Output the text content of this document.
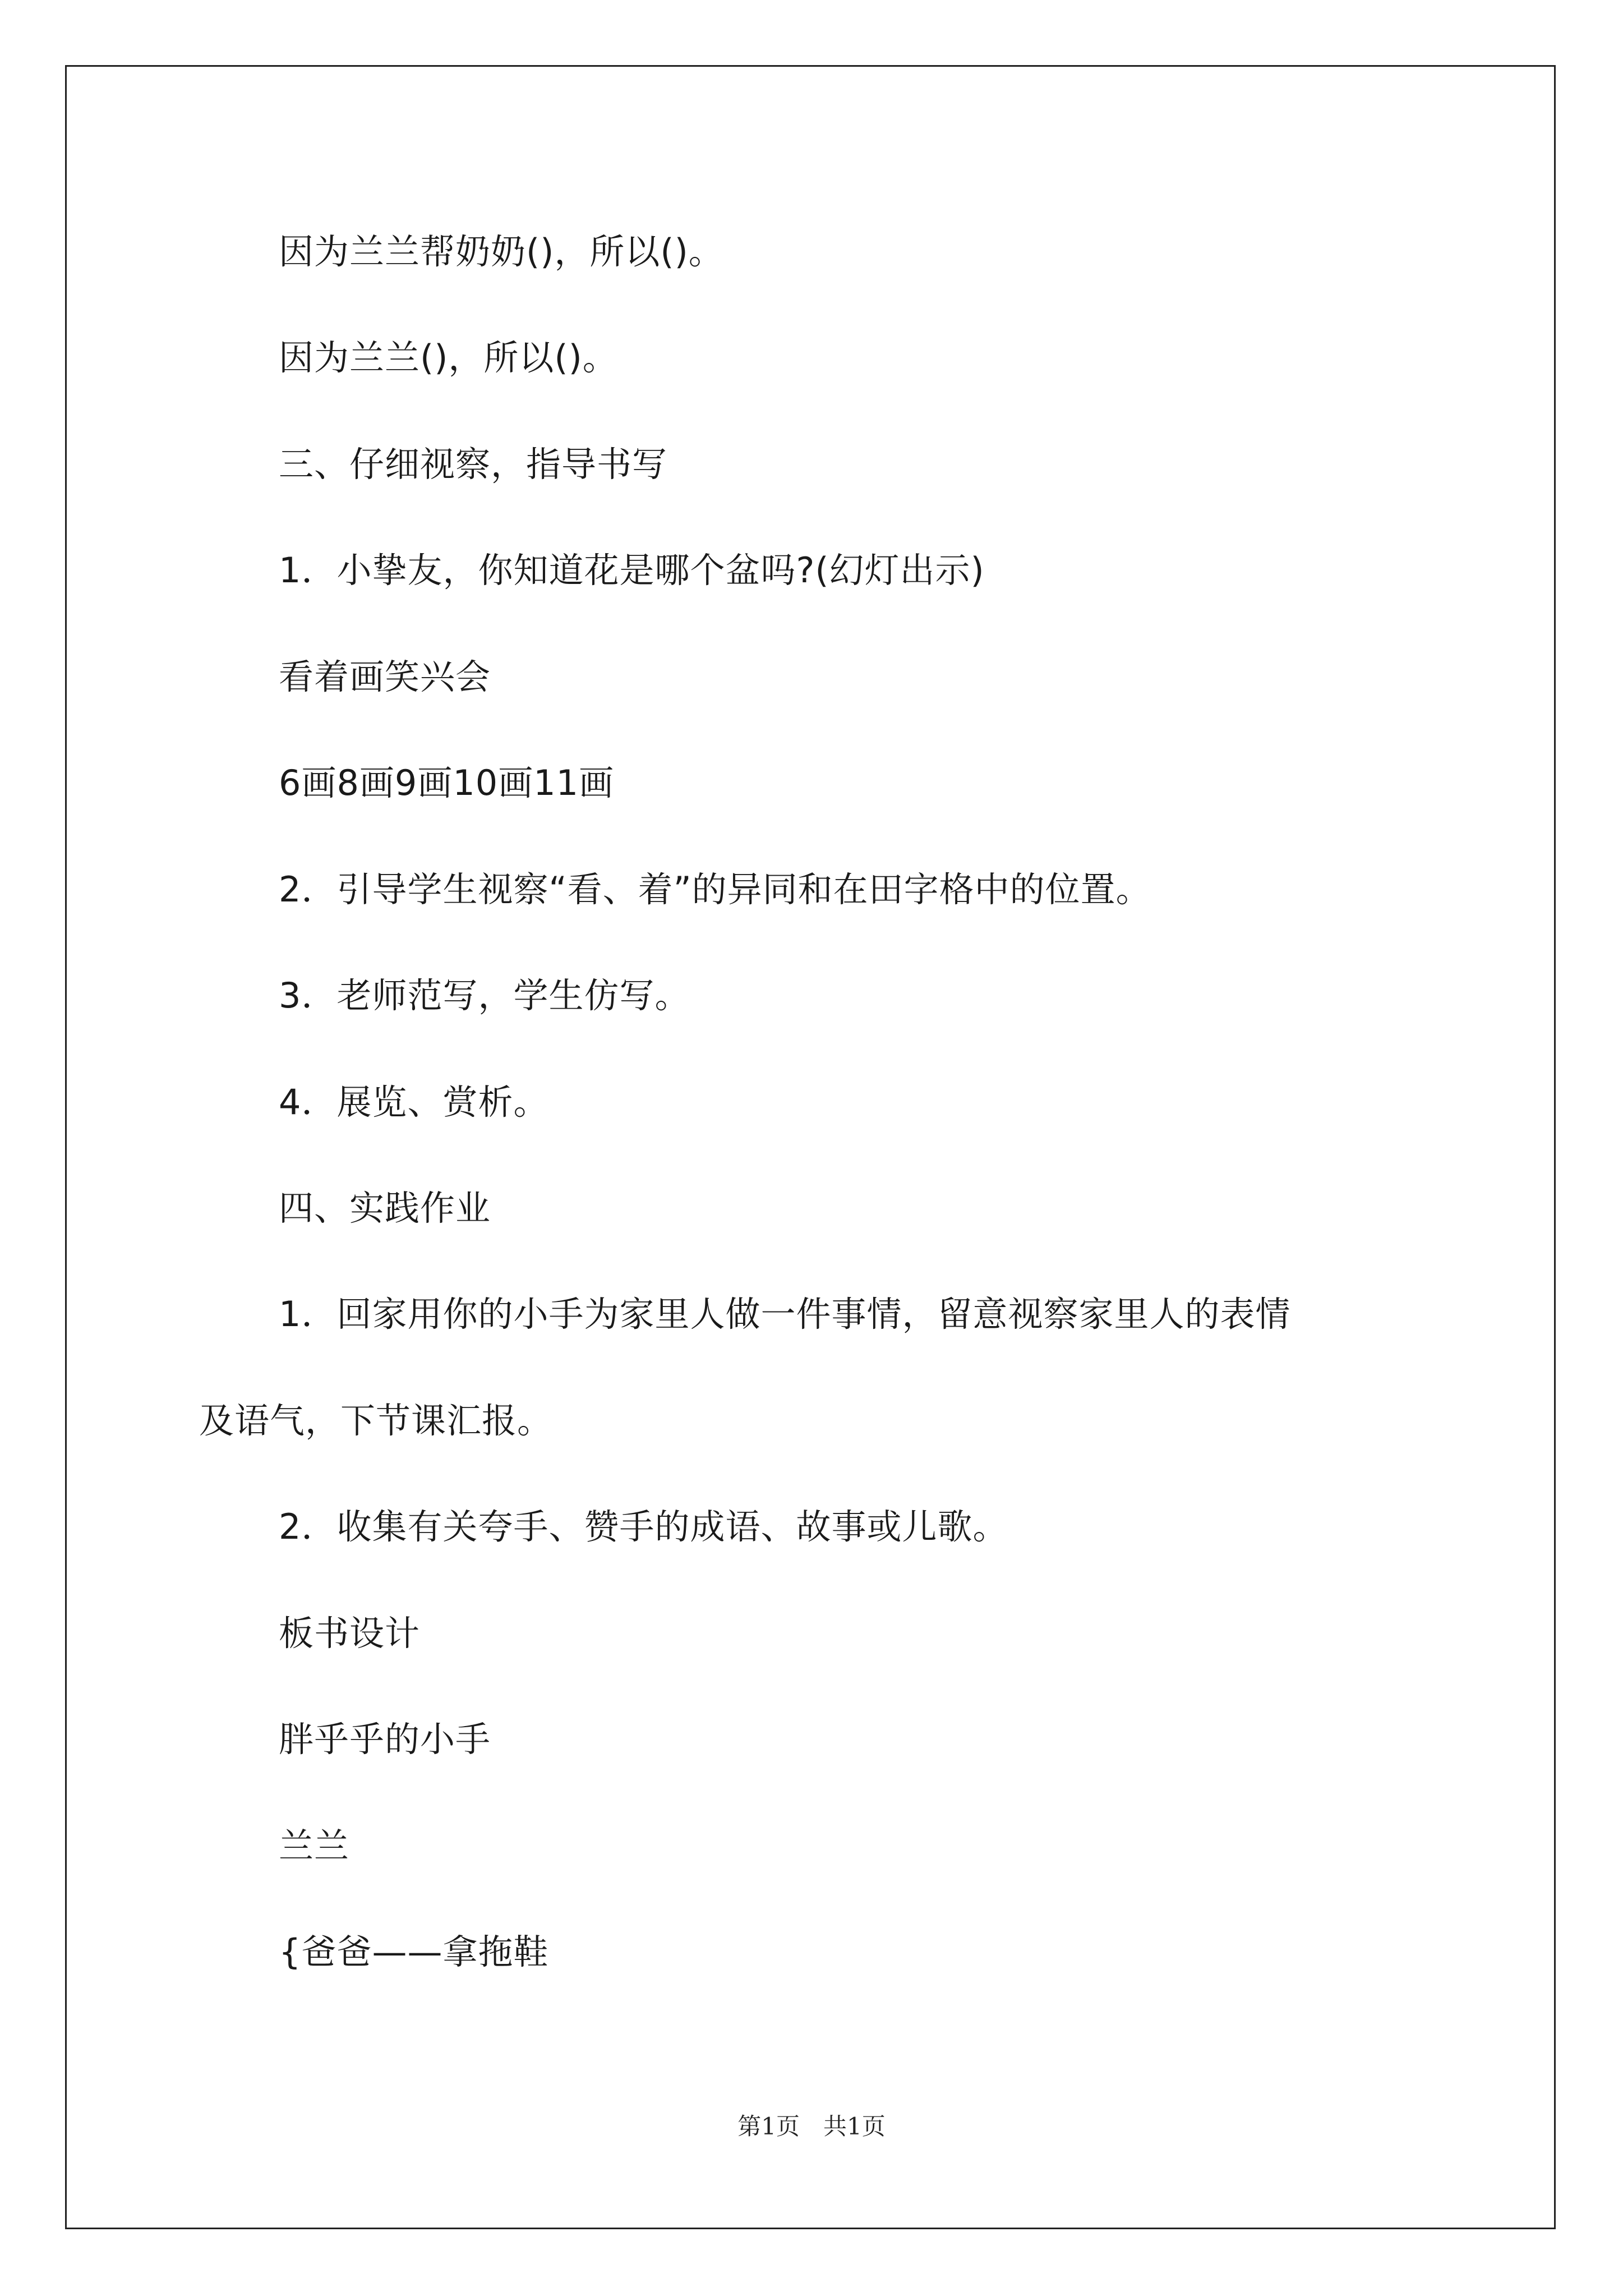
因为兰兰帮奶奶()，所以()。
因为兰兰()，所以()。
三、仔细视察，指导书写
1．小挚友，你知道花是哪个盆吗?(幻灯出示)
看着画笑兴会
6画8画9画10画11画
2．引导学生视察“看、着”的异同和在田字格中的位置。
3．老师范写，学生仿写。
4．展览、赏析。
四、实践作业
1．回家用你的小手为家里人做一件事情，留意视察家里人的表情
及语气，下节课汇报。
2．收集有关夸手、赞手的成语、故事或儿歌。
板书设计
胖乎乎的小手
兰兰
{爸爸——拿拖鞋
第1页　共1页
